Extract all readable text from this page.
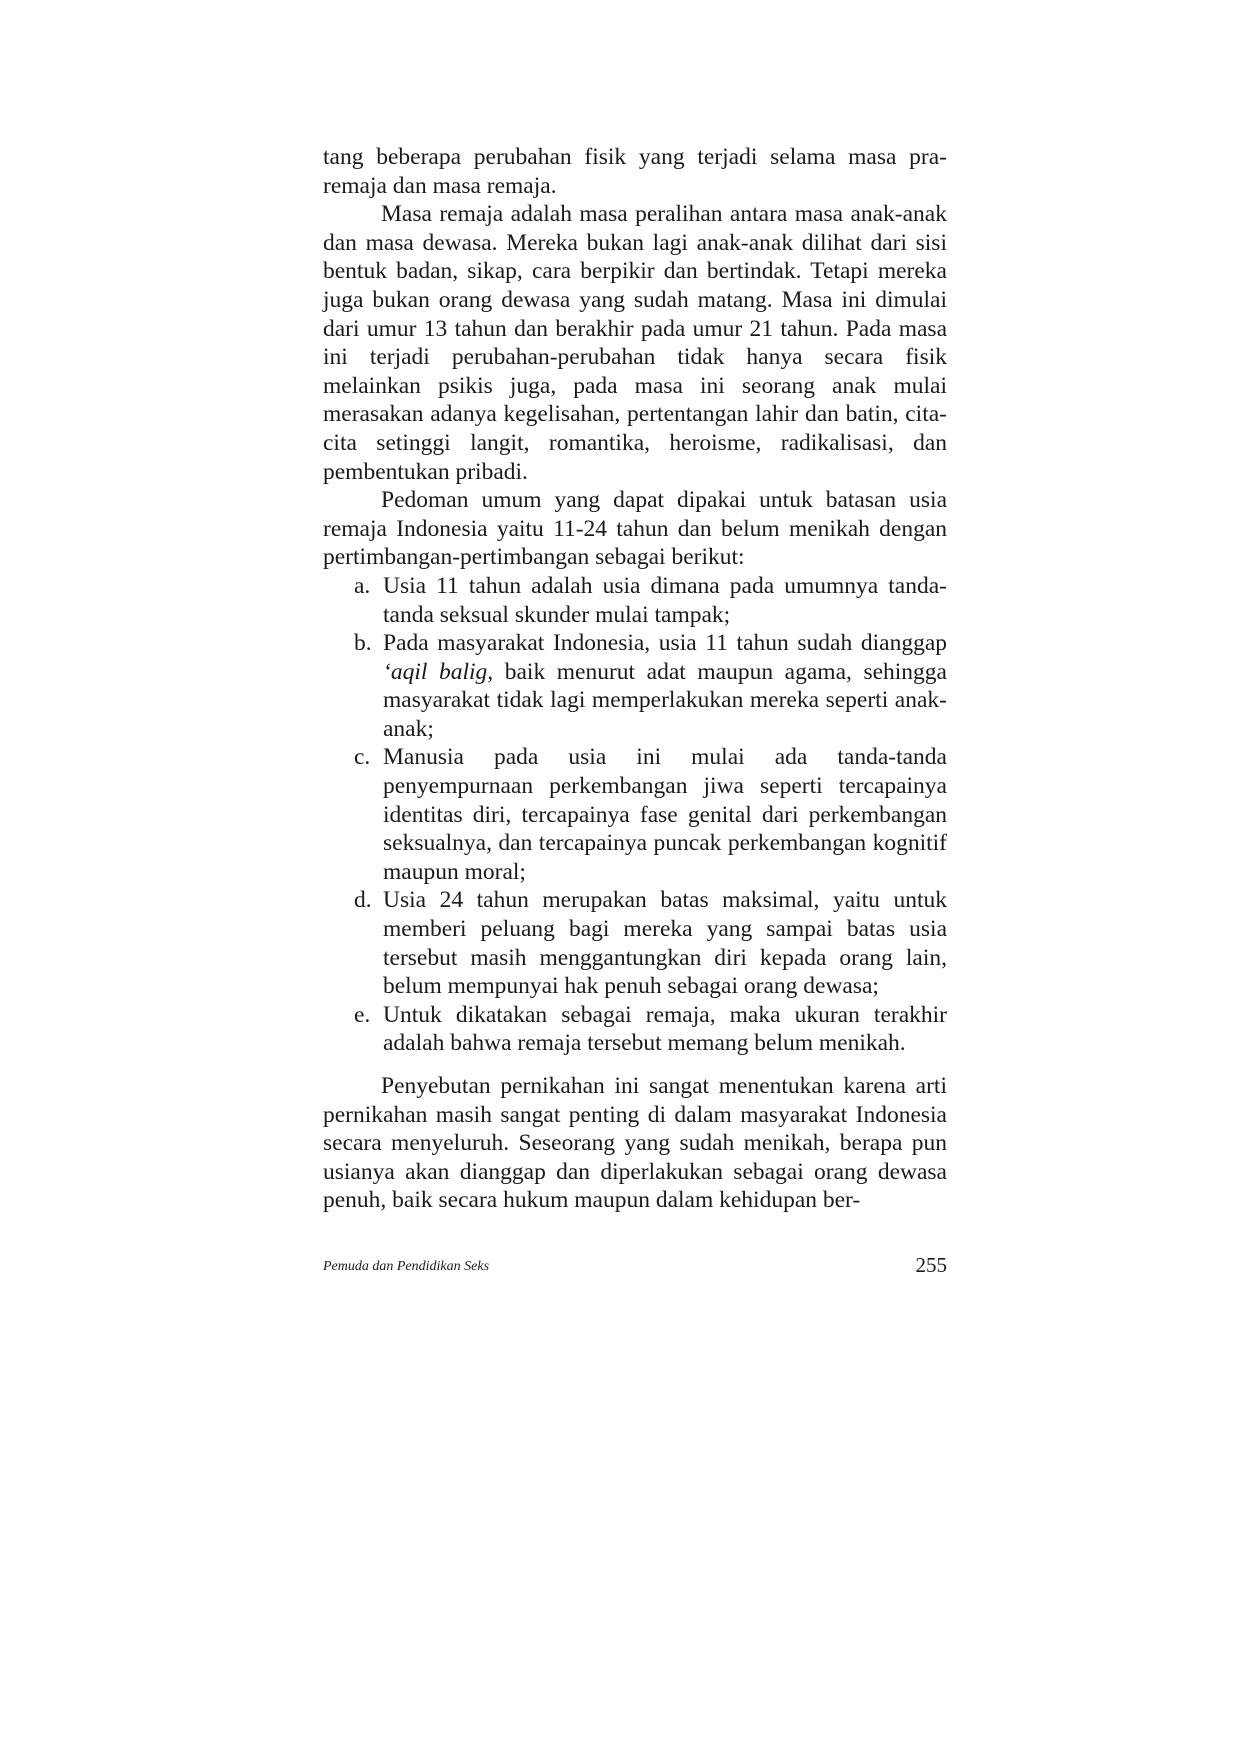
tang beberapa perubahan fisik yang terjadi selama masa pra-remaja dan masa remaja.

Masa remaja adalah masa peralihan antara masa anak-anak dan masa dewasa. Mereka bukan lagi anak-anak dilihat dari sisi bentuk badan, sikap, cara berpikir dan bertindak. Tetapi mereka juga bukan orang dewasa yang sudah matang. Masa ini dimulai dari umur 13 tahun dan berakhir pada umur 21 tahun. Pada masa ini terjadi perubahan-perubahan tidak hanya secara fisik melainkan psikis juga, pada masa ini seorang anak mulai merasakan adanya kegelisahan, pertentangan lahir dan batin, cita-cita setinggi langit, romantika, heroisme, radikalisasi, dan pembentukan pribadi.

Pedoman umum yang dapat dipakai untuk batasan usia remaja Indonesia yaitu 11-24 tahun dan belum menikah dengan pertimbangan-pertimbangan sebagai berikut:

a. Usia 11 tahun adalah usia dimana pada umumnya tanda-tanda seksual skunder mulai tampak;
b. Pada masyarakat Indonesia, usia 11 tahun sudah dianggap ‘aqil balig, baik menurut adat maupun agama, sehingga masyarakat tidak lagi memperlakukan mereka seperti anak-anak;
c. Manusia pada usia ini mulai ada tanda-tanda penyempurnaan perkembangan jiwa seperti tercapainya identitas diri, tercapainya fase genital dari perkembangan seksualnya, dan tercapainya puncak perkembangan kognitif maupun moral;
d. Usia 24 tahun merupakan batas maksimal, yaitu untuk memberi peluang bagi mereka yang sampai batas usia tersebut masih menggantungkan diri kepada orang lain, belum mempunyai hak penuh sebagai orang dewasa;
e. Untuk dikatakan sebagai remaja, maka ukuran terakhir adalah bahwa remaja tersebut memang belum menikah.

Penyebutan pernikahan ini sangat menentukan karena arti pernikahan masih sangat penting di dalam masyarakat Indonesia secara menyeluruh. Seseorang yang sudah menikah, berapa pun usianya akan dianggap dan diperlakukan sebagai orang dewasa penuh, baik secara hukum maupun dalam kehidupan ber-

Pemuda dan Pendidikan Seks	255
